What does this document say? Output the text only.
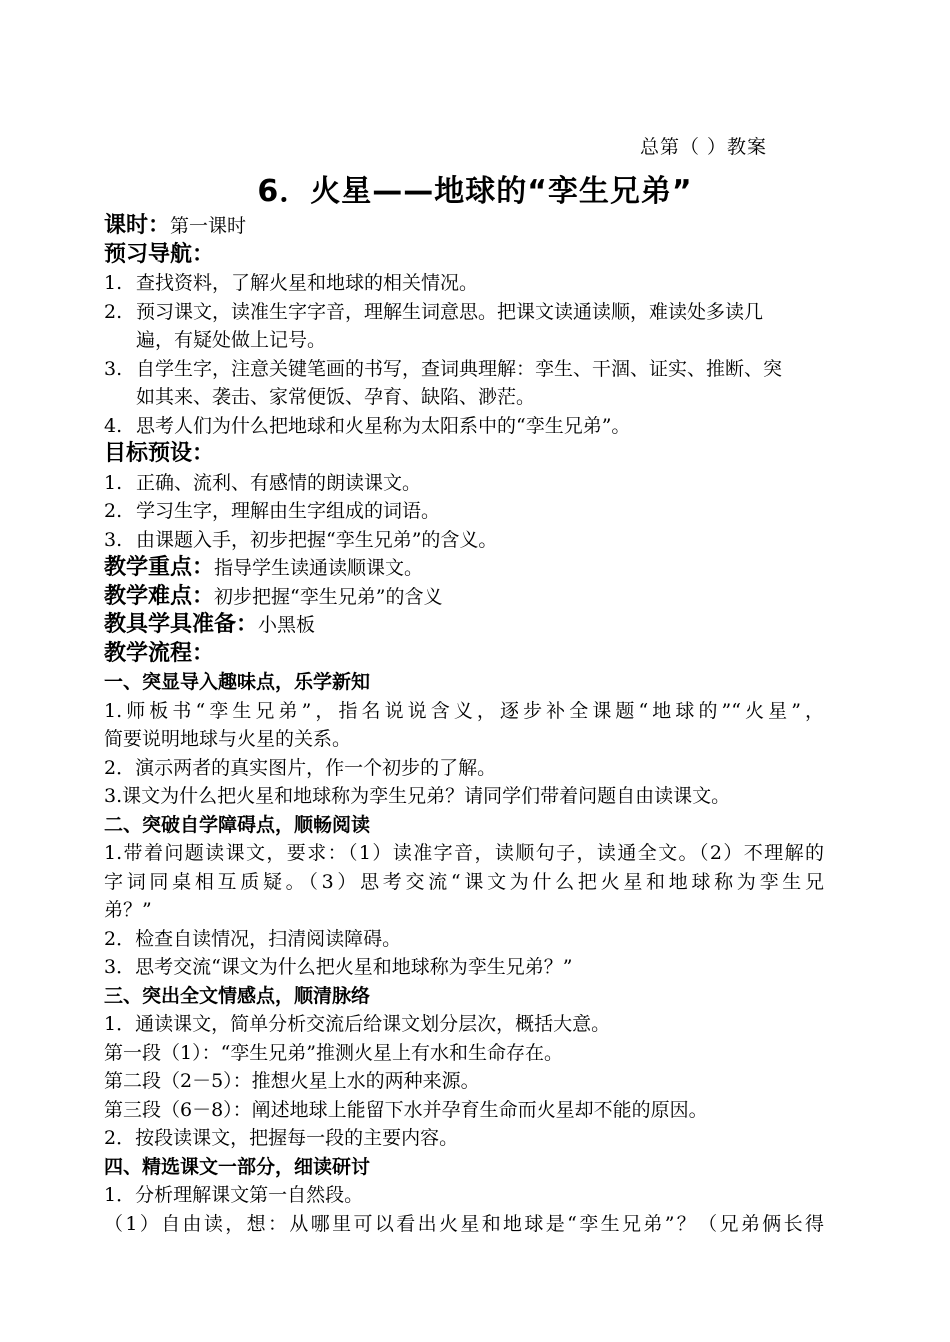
总第（ ）教案
6．火星——地球的“孪生兄弟”
课时：第一课时
预习导航：
1. 查找资料，了解火星和地球的相关情况。
2. 预习课文，读准生字字音，理解生词意思。把课文读通读顺，难读处多读几
遍，有疑处做上记号。
3. 自学生字，注意关键笔画的书写，查词典理解：孪生、干涸、证实、推断、突
如其来、袭击、家常便饭、孕育、缺陷、渺茫。
4. 思考人们为什么把地球和火星称为太阳系中的“孪生兄弟”。
目标预设：
1. 正确、流利、有感情的朗读课文。
2. 学习生字，理解由生字组成的词语。
3. 由课题入手，初步把握“孪生兄弟”的含义。
教学重点：指导学生读通读顺课文。
教学难点：初步把握“孪生兄弟”的含义
教具学具准备：小黑板
教学流程：
一、突显导入趣味点，乐学新知
1.师板书“孪生兄弟”，指名说说含义，逐步补全课题“地球的”“火星”，
简要说明地球与火星的关系。
2．演示两者的真实图片，作一个初步的了解。
3.课文为什么把火星和地球称为孪生兄弟？请同学们带着问题自由读课文。
二、突破自学障碍点，顺畅阅读
1.带着问题读课文，要求：（1）读准字音，读顺句子，读通全文。（2）不理解的
字词同桌相互质疑。（3）思考交流“课文为什么把火星和地球称为孪生兄
弟？”
2．检查自读情况，扫清阅读障碍。
3．思考交流“课文为什么把火星和地球称为孪生兄弟？”
三、突出全文情感点，顺清脉络
1．通读课文，简单分析交流后给课文划分层次，概括大意。
第一段（1）：“孪生兄弟”推测火星上有水和生命存在。
第二段（2－5）：推想火星上水的两种来源。
第三段（6－8）：阐述地球上能留下水并孕育生命而火星却不能的原因。
2．按段读课文，把握每一段的主要内容。
四、精选课文一部分，细读研讨
1．分析理解课文第一自然段。
（1）自由读，想：从哪里可以看出火星和地球是“孪生兄弟”？（兄弟俩长得
